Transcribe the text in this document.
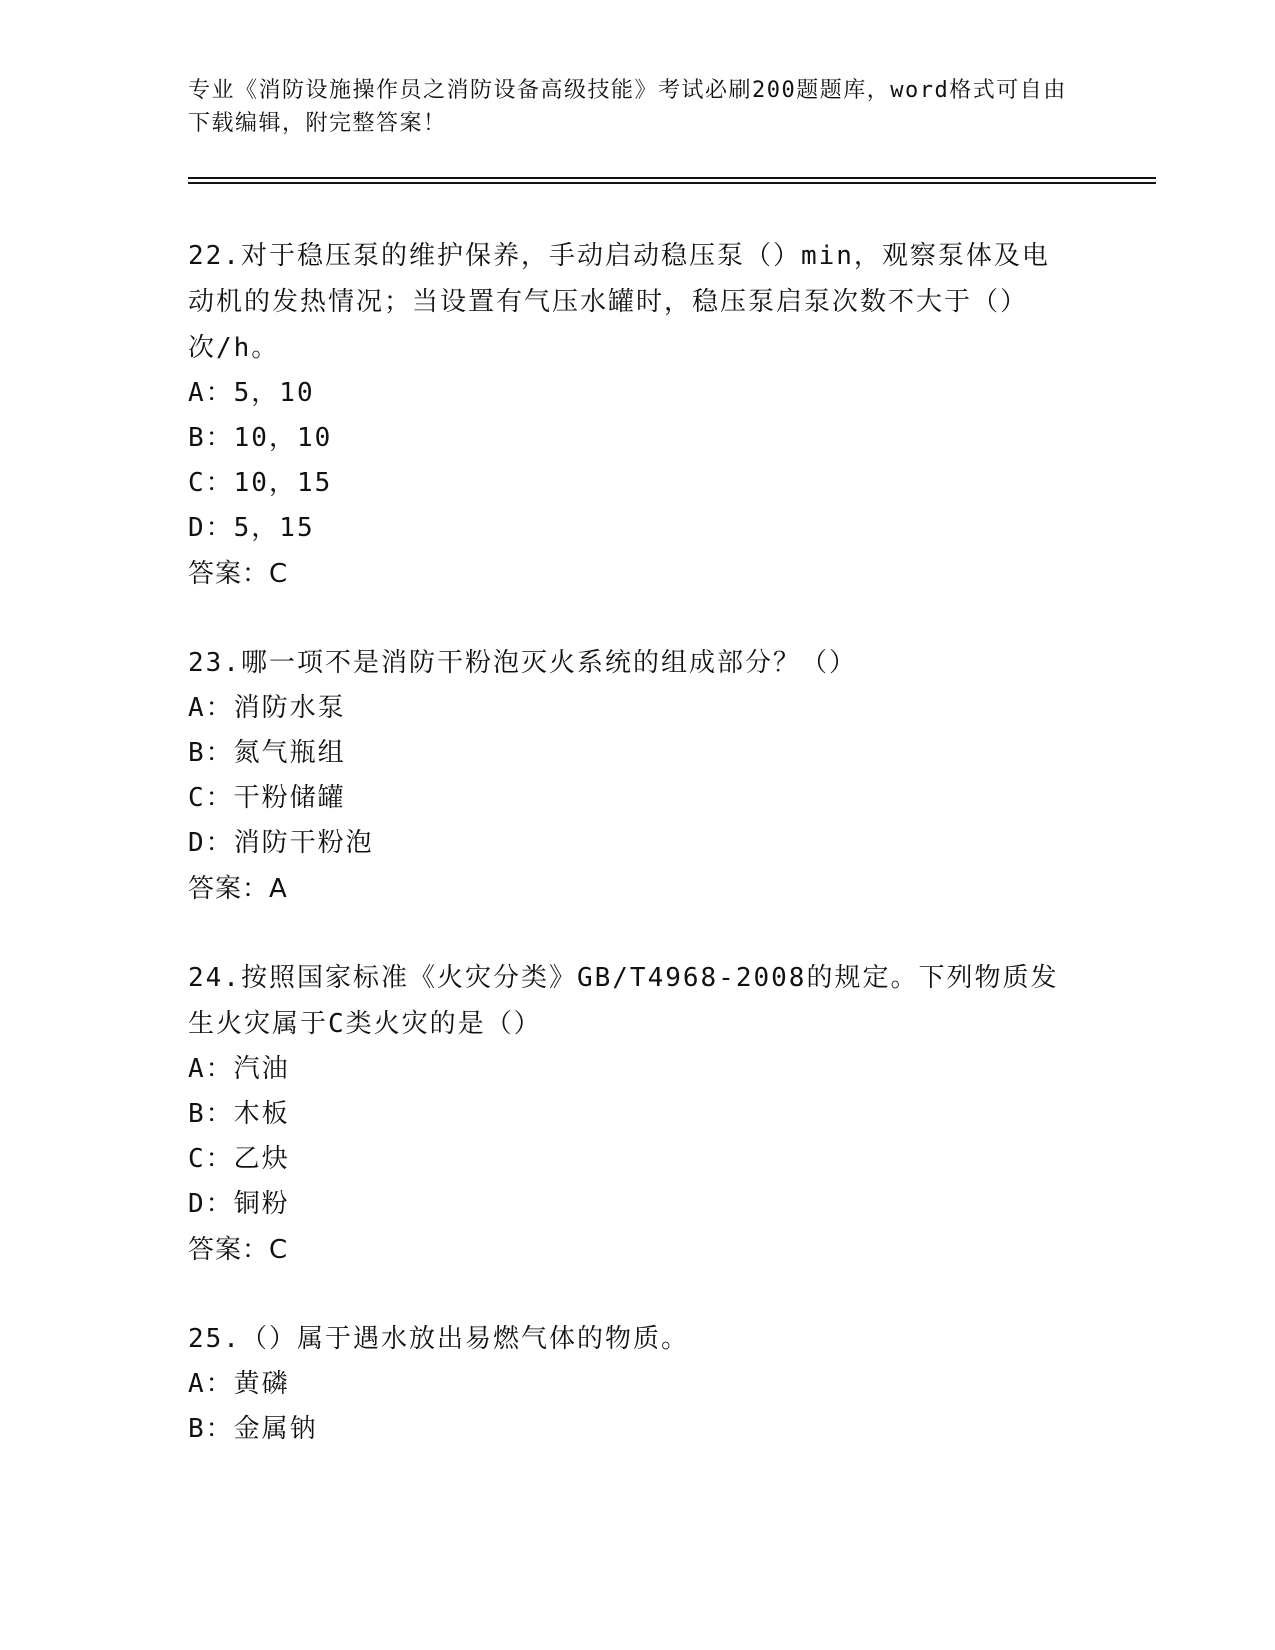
专业《消防设施操作员之消防设备高级技能》考试必刷200题题库，word格式可自由下载编辑，附完整答案！
22.对于稳压泵的维护保养，手动启动稳压泵（）min，观察泵体及电动机的发热情况；当设置有气压水罐时，稳压泵启泵次数不大于（）次/h。
A：5，10
B：10，10
C：10，15
D：5，15
答案：C
23.哪一项不是消防干粉泡灭火系统的组成部分？（）
A：消防水泵
B：氮气瓶组
C：干粉储罐
D：消防干粉泡
答案：A
24.按照国家标准《火灾分类》GB/T4968-2008的规定。下列物质发生火灾属于C类火灾的是（）
A：汽油
B：木板
C：乙炔
D：铜粉
答案：C
25.（）属于遇水放出易燃气体的物质。
A：黄磷
B：金属钠
